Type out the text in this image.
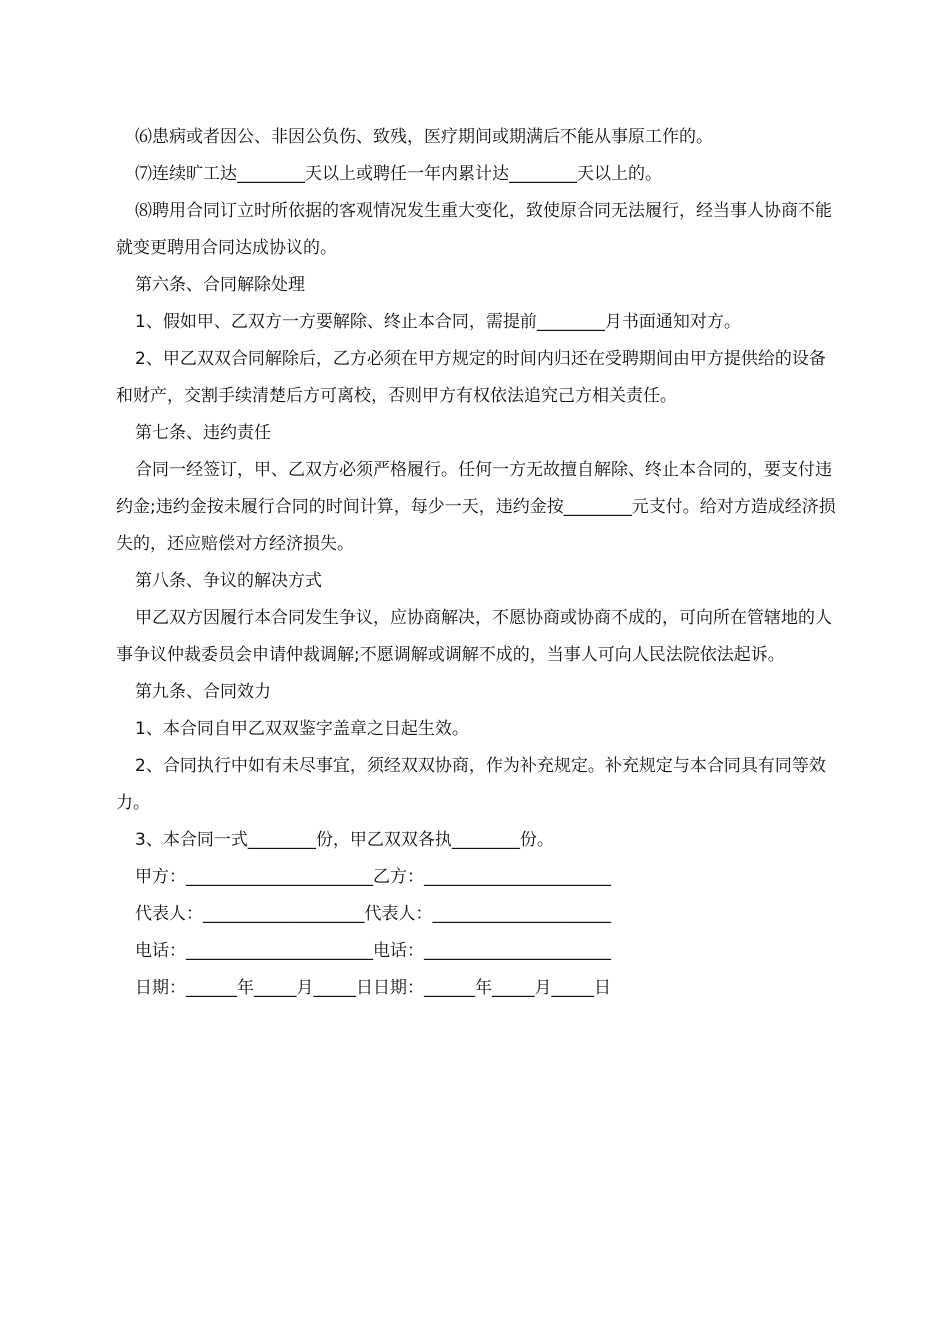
⑹患病或者因公、非因公负伤、致残，医疗期间或期满后不能从事原工作的。

⑺连续旷工达________天以上或聘任一年内累计达________天以上的。

⑻聘用合同订立时所依据的客观情况发生重大变化，致使原合同无法履行，经当事人协商不能就变更聘用合同达成协议的。

第六条、合同解除处理

1、假如甲、乙双方一方要解除、终止本合同，需提前________月书面通知对方。

2、甲乙双双合同解除后，乙方必须在甲方规定的时间内归还在受聘期间由甲方提供给的设备和财产，交割手续清楚后方可离校，否则甲方有权依法追究己方相关责任。

第七条、违约责任

合同一经签订，甲、乙双方必须严格履行。任何一方无故擅自解除、终止本合同的，要支付违约金;违约金按未履行合同的时间计算，每少一天，违约金按________元支付。给对方造成经济损失的，还应赔偿对方经济损失。

第八条、争议的解决方式

甲乙双方因履行本合同发生争议，应协商解决，不愿协商或协商不成的，可向所在管辖地的人事争议仲裁委员会申请仲裁调解;不愿调解或调解不成的，当事人可向人民法院依法起诉。

第九条、合同效力

1、本合同自甲乙双双鉴字盖章之日起生效。

2、合同执行中如有未尽事宜，须经双双协商，作为补充规定。补充规定与本合同具有同等效力。

3、本合同一式________份，甲乙双双各执________份。

甲方：______________________乙方：______________________

代表人：___________________代表人：_____________________

电话：______________________电话：______________________

日期：______年_____月_____日日期：______年_____月_____日
